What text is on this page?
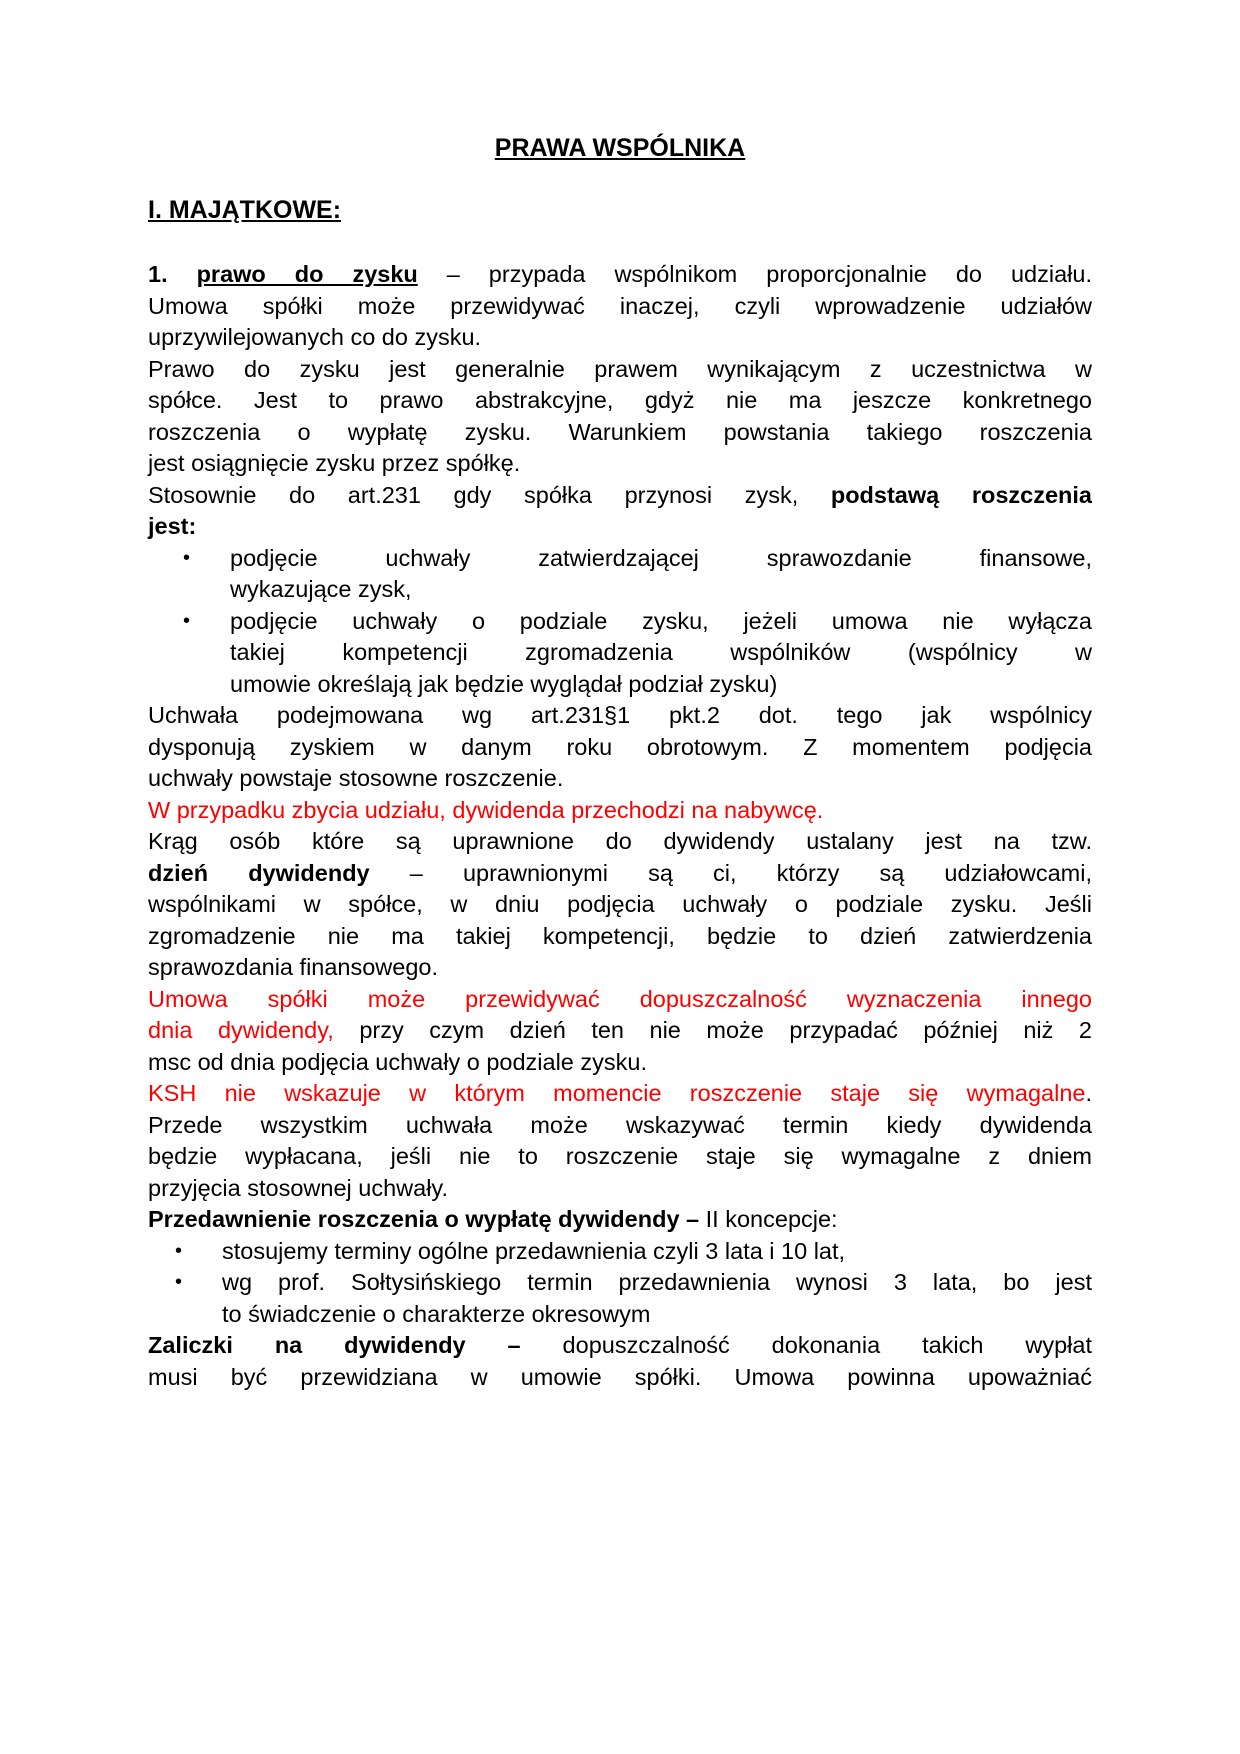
PRAWA WSPÓLNIKA
I. MAJĄTKOWE:
1. prawo do zysku – przypada wspólnikom proporcjonalnie do udziału.
Umowa spółki może przewidywać inaczej, czyli wprowadzenie udziałów
uprzywilejowanych co do zysku.
Prawo do zysku jest generalnie prawem wynikającym z uczestnictwa w
spółce. Jest to prawo abstrakcyjne, gdyż nie ma jeszcze konkretnego
roszczenia o wypłatę zysku. Warunkiem powstania takiego roszczenia
jest osiągnięcie zysku przez spółkę.
Stosownie do art.231 gdy spółka przynosi zysk, podstawą roszczenia
jest:
• podjęcie uchwały zatwierdzającej sprawozdanie finansowe,
wykazujące zysk,
• podjęcie uchwały o podziale zysku, jeżeli umowa nie wyłącza
takiej kompetencji zgromadzenia wspólników (wspólnicy w
umowie określają jak będzie wyglądał podział zysku)
Uchwała podejmowana wg art.231§1 pkt.2 dot. tego jak wspólnicy
dysponują zyskiem w danym roku obrotowym. Z momentem podjęcia
uchwały powstaje stosowne roszczenie.
W przypadku zbycia udziału, dywidenda przechodzi na nabywcę.
Krąg osób które są uprawnione do dywidendy ustalany jest na tzw.
dzień dywidendy – uprawnionymi są ci, którzy są udziałowcami,
wspólnikami w spółce, w dniu podjęcia uchwały o podziale zysku. Jeśli
zgromadzenie nie ma takiej kompetencji, będzie to dzień zatwierdzenia
sprawozdania finansowego.
Umowa spółki może przewidywać dopuszczalność wyznaczenia innego
dnia dywidendy, przy czym dzień ten nie może przypadać później niż 2
msc od dnia podjęcia uchwały o podziale zysku.
KSH nie wskazuje w którym momencie roszczenie staje się wymagalne.
Przede wszystkim uchwała może wskazywać termin kiedy dywidenda
będzie wypłacana, jeśli nie to roszczenie staje się wymagalne z dniem
przyjęcia stosownej uchwały.
Przedawnienie roszczenia o wypłatę dywidendy – II koncepcje:
• stosujemy terminy ogólne przedawnienia czyli 3 lata i 10 lat,
• wg prof. Sołtysińskiego termin przedawnienia wynosi 3 lata, bo jest
to świadczenie o charakterze okresowym
Zaliczki na dywidendy – dopuszczalność dokonania takich wypłat
musi być przewidziana w umowie spółki. Umowa powinna upoważniać
